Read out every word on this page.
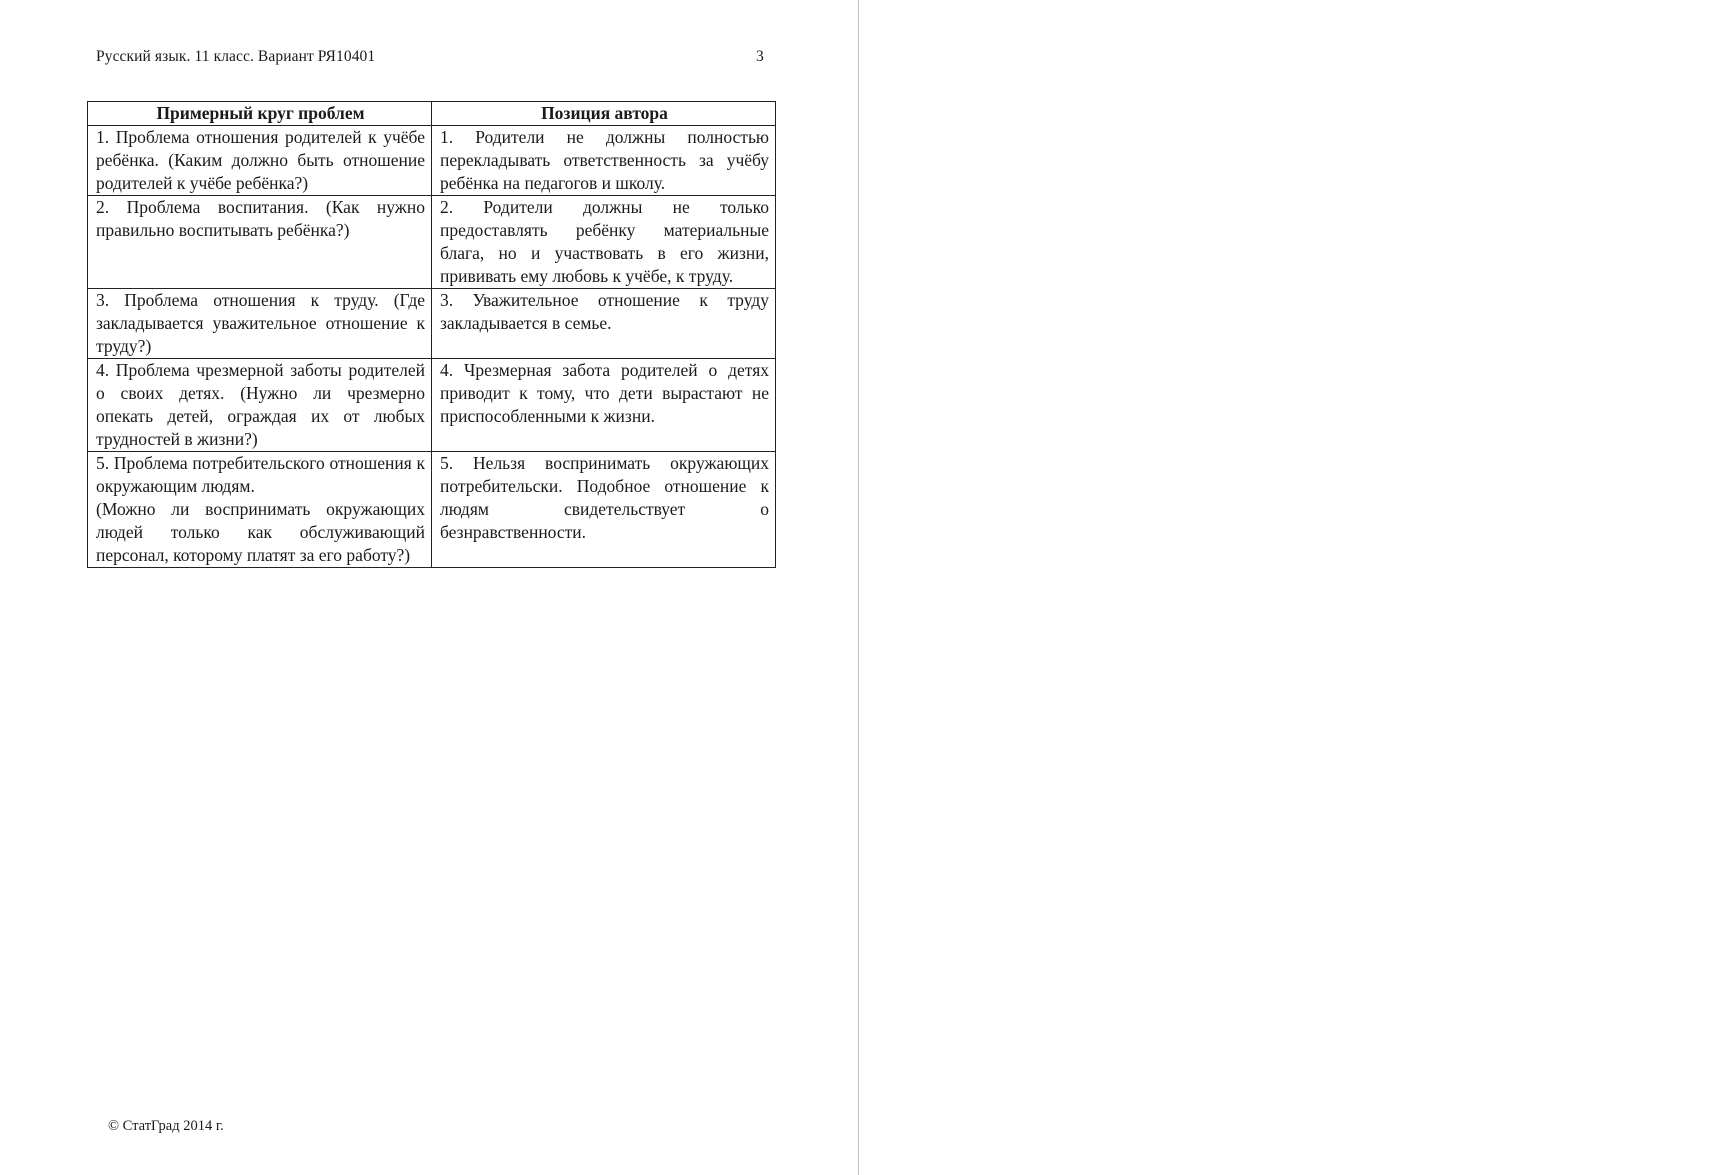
Русский язык. 11 класс. Вариант РЯ10401	3
Примерный круг проблем	Позиция автора

1. Проблема отношения родителей к учёбе ребёнка. (Каким должно быть отношение родителей к учёбе ребёнка?)	1. Родители не должны полностью перекладывать ответственность за учёбу ребёнка на педагогов и школу.

2. Проблема воспитания. (Как нужно правильно воспитывать ребёнка?)	2. Родители должны не только предоставлять ребёнку материальные блага, но и участвовать в его жизни, прививать ему любовь к учёбе, к труду.

3. Проблема отношения к труду. (Где закладывается уважительное отношение к труду?)	3. Уважительное отношение к труду закладывается в семье.

4. Проблема чрезмерной заботы родителей о своих детях. (Нужно ли чрезмерно опекать детей, ограждая их от любых трудностей в жизни?)	4. Чрезмерная забота родителей о детях приводит к тому, что дети вырастают не приспособленными к жизни.

5. Проблема потребительского отношения к окружающим людям.
(Можно ли воспринимать окружающих людей только как обслуживающий персонал, которому платят за его работу?)	5. Нельзя воспринимать окружающих потребительски. Подобное отношение к людям свидетельствует о безнравственности.
© СтатГрад 2014 г.
